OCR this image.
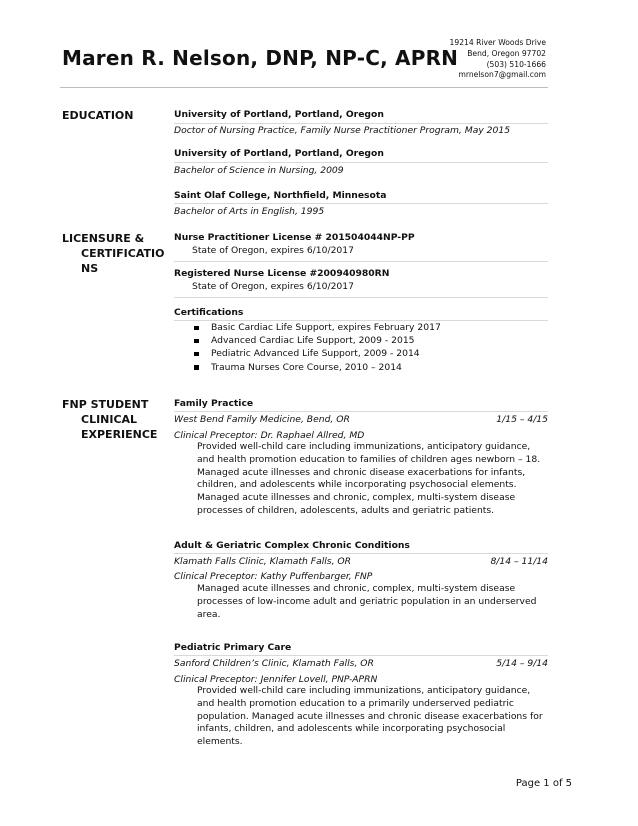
Maren R. Nelson, DNP, NP-C, APRN
19214 River Woods Drive
Bend, Oregon 97702
(503) 510-1666
mrnelson7@gmail.com
EDUCATION	University of Portland, Portland, Oregon
Doctor of Nursing Practice, Family Nurse Practitioner Program, May 2015
University of Portland, Portland, Oregon
Bachelor of Science in Nursing, 2009
Saint Olaf College, Northfield, Minnesota
Bachelor of Arts in English, 1995
LICENSURE &
CERTIFICATIO
NS
Nurse Practitioner License # 201504044NP-PP
State of Oregon, expires 6/10/2017
Registered Nurse License #200940980RN
State of Oregon, expires 6/10/2017
Certifications
Basic Cardiac Life Support, expires February 2017
Advanced Cardiac Life Support, 2009 - 2015
Pediatric Advanced Life Support, 2009 - 2014
Trauma Nurses Core Course, 2010 – 2014
FNP STUDENT
CLINICAL
EXPERIENCE
Family Practice
West Bend Family Medicine, Bend, OR	1/15 – 4/15
Clinical Preceptor: Dr. Raphael Allred, MD
Provided well-child care including immunizations, anticipatory guidance,
and health promotion education to families of children ages newborn – 18.
Managed acute illnesses and chronic disease exacerbations for infants,
children, and adolescents while incorporating psychosocial elements.
Managed acute illnesses and chronic, complex, multi-system disease
processes of children, adolescents, adults and geriatric patients.
Adult & Geriatric Complex Chronic Conditions
Klamath Falls Clinic, Klamath Falls, OR	8/14 – 11/14
Clinical Preceptor: Kathy Puffenbarger, FNP
Managed acute illnesses and chronic, complex, multi-system disease
processes of low-income adult and geriatric population in an underserved
area.
Pediatric Primary Care
Sanford Children’s Clinic, Klamath Falls, OR	5/14 – 9/14
Clinical Preceptor: Jennifer Lovell, PNP-APRN
Provided well-child care including immunizations, anticipatory guidance,
and health promotion education to a primarily underserved pediatric
population. Managed acute illnesses and chronic disease exacerbations for
infants, children, and adolescents while incorporating psychosocial
elements.
Page 1 of 5
